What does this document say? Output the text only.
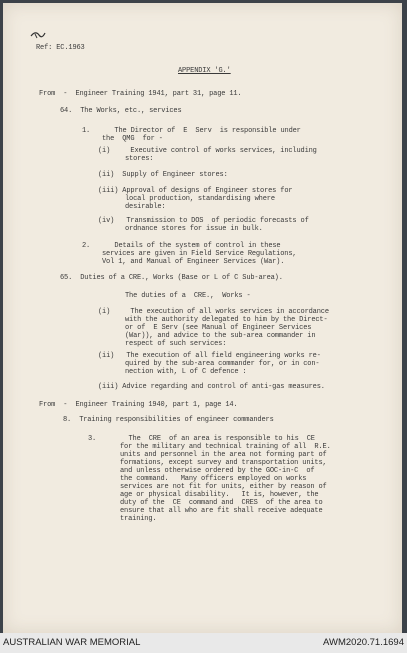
Ref: EC.1963
APPENDIX 'G.'
From  -  Engineer Training 1941, part 31, page 11.
64.  The Works, etc., services
1.      The Director of  E  Serv  is responsible under
the  QMG  for -
(i)     Executive control of works services, including
stores:
(ii)  Supply of Engineer stores:
(iii) Approval of designs of Engineer stores for
local production, standardising where
desirable:
(iv)   Transmission to DOS  of periodic forecasts of
ordnance stores for issue in bulk.
2.      Details of the system of control in these
services are given in Field Service Regulations,
Vol 1, and Manual of Engineer Services (War).
65.  Duties of a CRE., Works (Base or L of C Sub-area).
The duties of a  CRE.,  Works -
(i)     The execution of all works services in accordance
with the authority delegated to him by the Direct-
or of  E Serv (see Manual of Engineer Services
(War)), and advice to the sub-area commander in
respect of such services:
(ii)   The execution of all field engineering works re-
quired by the sub-area commander for, or in con-
nection with, L of C defence :
(iii) Advice regarding and control of anti-gas measures.
From  -  Engineer Training 1940, part 1, page 14.
8.  Training responsibilities of engineer commanders
3.        The  CRE  of an area is responsible to his  CE
for the military and technical training of all  R.E.
units and personnel in the area not forming part of
formations, except survey and transportation units,
and unless otherwise ordered by the GOC-in-C  of
the command.   Many officers employed on works
services are not fit for units, either by reason of
age or physical disability.   It is, however, the
duty of the  CE  command and  CRES  of the area to
ensure that all who are fit shall receive adequate
training.
AUSTRALIAN WAR MEMORIAL	AWM2020.71.1694
